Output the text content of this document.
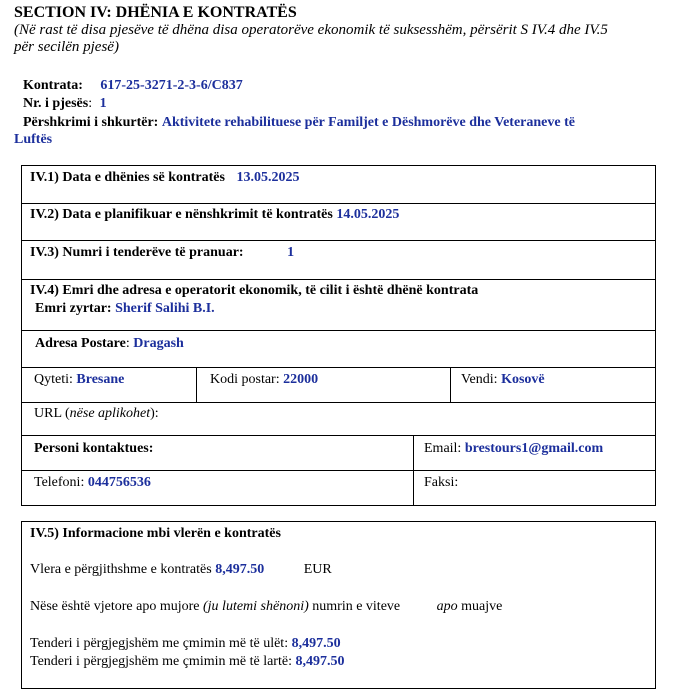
SECTION IV: DHËNIA E KONTRATËS
(Në rast të disa pjesëve të dhëna disa operatorëve ekonomik të suksesshëm, përsërit S IV.4 dhe IV.5
për secilën pjesë)
Kontrata: 617-25-3271-2-3-6/C837
Nr. i pjesës: 1
Përshkrimi i shkurtër: Aktivitete rehabilituese për Familjet e Dëshmorëve dhe Veteraneve të
Luftës
IV.1) Data e dhënies së kontratës 13.05.2025
IV.2) Data e planifikuar e nënshkrimit të kontratës 14.05.2025
IV.3) Numri i tenderëve të pranuar:	1
IV.4) Emri dhe adresa e operatorit ekonomik, të cilit i është dhënë kontrata
Emri zyrtar: Sherif Salihi B.I.
Adresa Postare: Dragash
Qyteti: Bresane	Kodi postar: 22000	Vendi: Kosovë
URL (nëse aplikohet):
Personi kontaktues:	Email: brestours1@gmail.com
Telefoni: 044756536	Faksi:
IV.5) Informacione mbi vlerën e kontratës
Vlera e përgjithshme e kontratës 8,497.50	EUR
Nëse është vjetore apo mujore (ju lutemi shënoni) numrin e viteve	apo muajve
Tenderi i përgjegjshëm me çmimin më të ulët: 8,497.50
Tenderi i përgjegjshëm me çmimin më të lartë: 8,497.50
